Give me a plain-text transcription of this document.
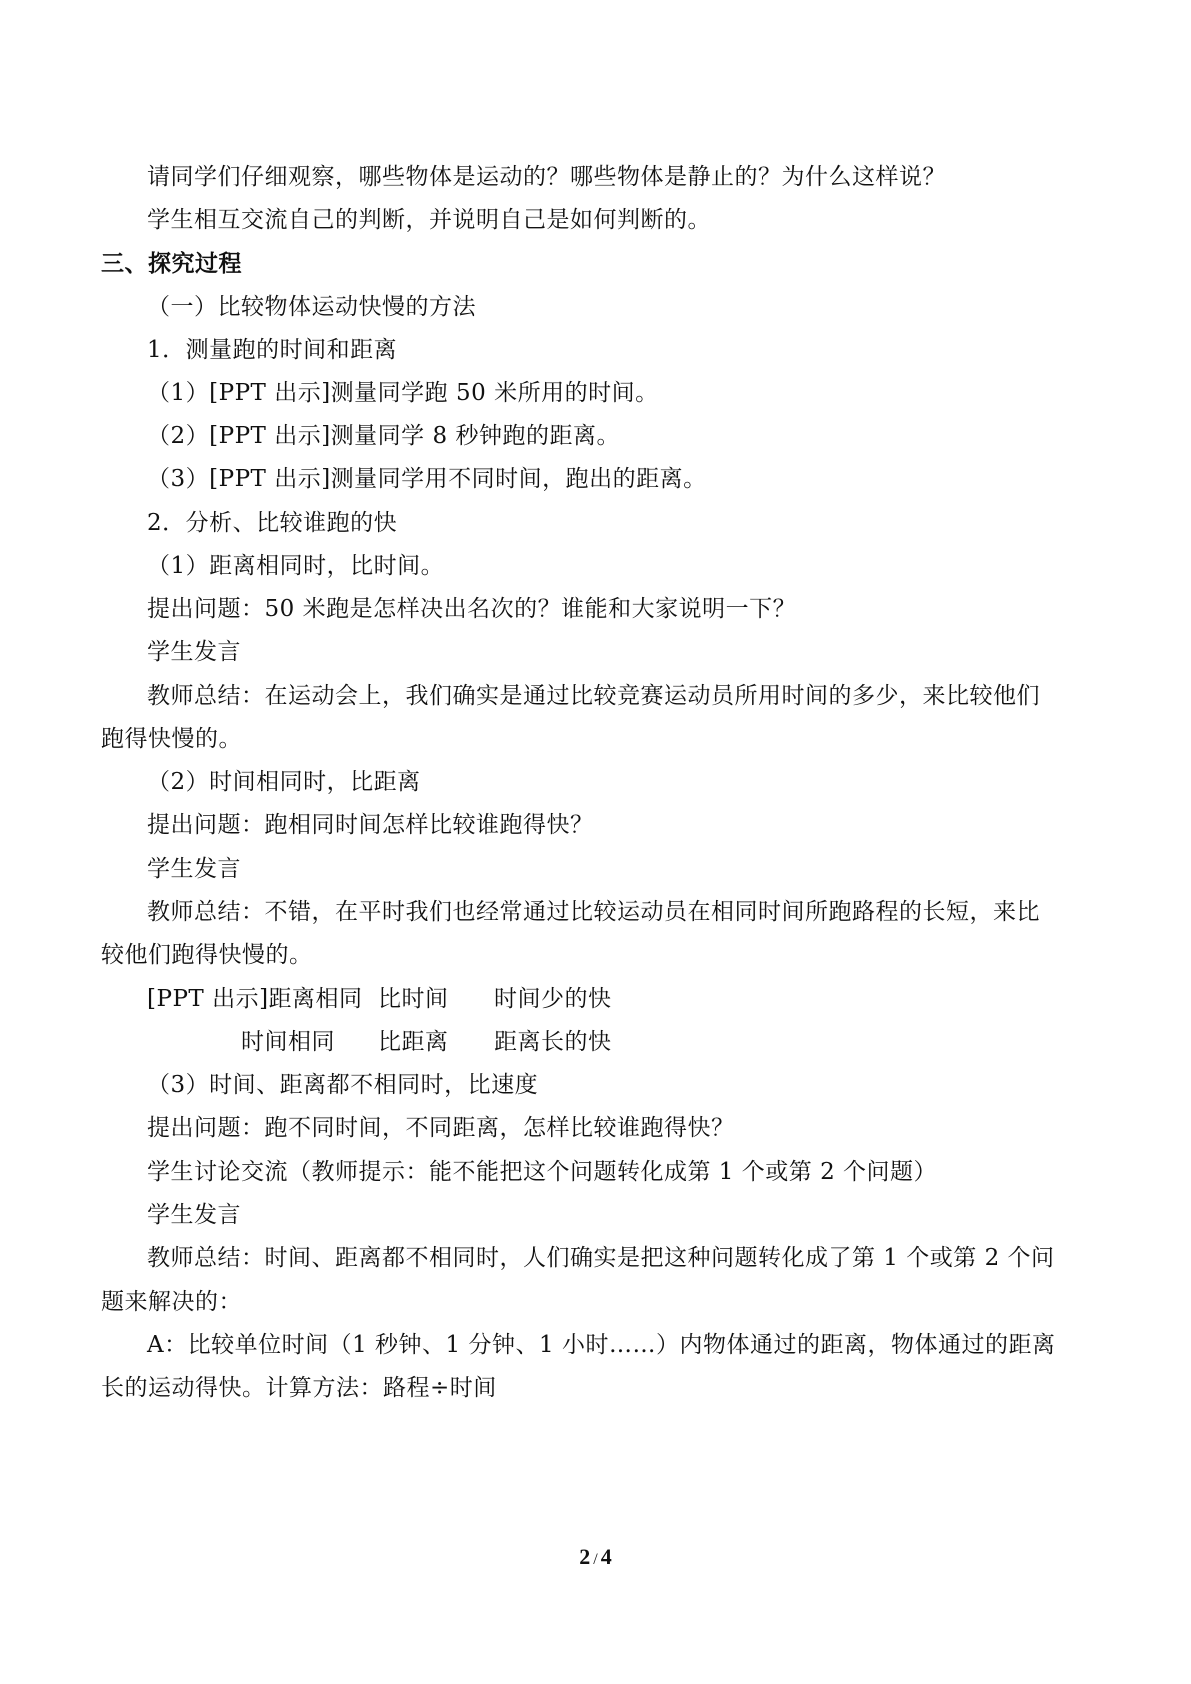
请同学们仔细观察，哪些物体是运动的？哪些物体是静止的？为什么这样说？
学生相互交流自己的判断，并说明自己是如何判断的。
三、探究过程
（一）比较物体运动快慢的方法
1．测量跑的时间和距离
（1）[PPT 出示]测量同学跑 50 米所用的时间。
（2）[PPT 出示]测量同学 8 秒钟跑的距离。
（3）[PPT 出示]测量同学用不同时间，跑出的距离。
2．分析、比较谁跑的快
（1）距离相同时，比时间。
提出问题：50 米跑是怎样决出名次的？谁能和大家说明一下？
学生发言
教师总结：在运动会上，我们确实是通过比较竞赛运动员所用时间的多少，来比较他们
跑得快慢的。
（2）时间相同时，比距离
提出问题：跑相同时间怎样比较谁跑得快？
学生发言
教师总结：不错，在平时我们也经常通过比较运动员在相同时间所跑路程的长短，来比
较他们跑得快慢的。
[PPT 出示]距离相同 比时间 时间少的快
时间相同 比距离 距离长的快
（3）时间、距离都不相同时，比速度
提出问题：跑不同时间，不同距离，怎样比较谁跑得快？
学生讨论交流（教师提示：能不能把这个问题转化成第 1 个或第 2 个问题）
学生发言
教师总结：时间、距离都不相同时，人们确实是把这种问题转化成了第 1 个或第 2 个问
题来解决的：
A：比较单位时间（1 秒钟、1 分钟、1 小时……）内物体通过的距离，物体通过的距离
长的运动得快。计算方法：路程÷时间
2 / 4
